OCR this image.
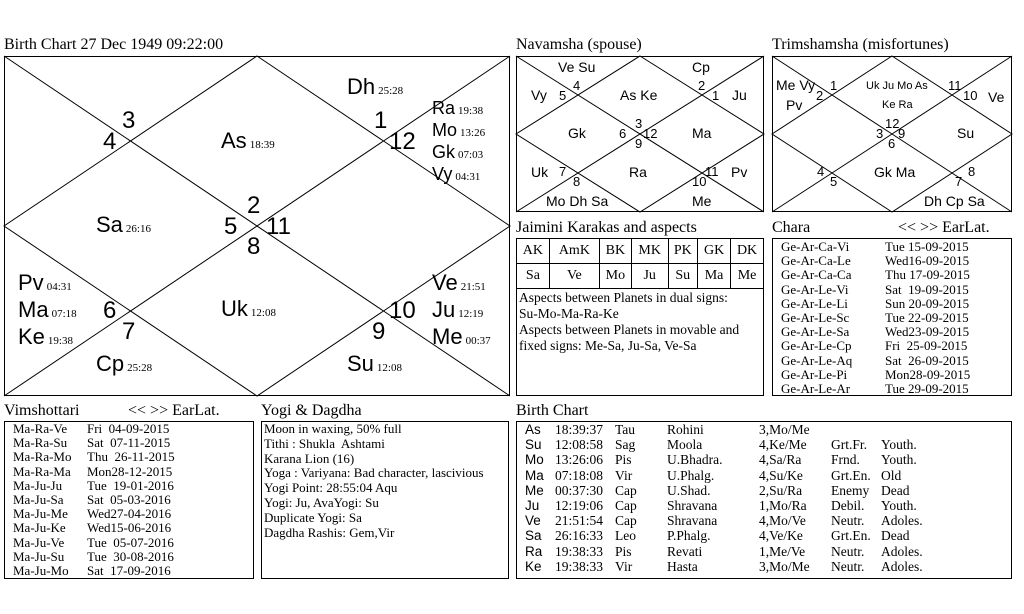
Birth Chart 27 Dec 1949 09:22:00
3
4
1
12
2
5 11
8
6
7
10
9
Dh 25:28
As 18:39
Ra 19:38
Mo 13:26
Gk 07:03
Vy 04:31
Sa 26:16
Pv 04:31
Ma 07:18
Ke 19:38
Uk 12:08
Cp 25:28
Ve 21:51
Ju 12:19
Me 00:37
Su 12:08
Navamsha (spouse)
Ve Su	Cp
Vy	As Ke	Ju
Gk	Ma
Ra
Uk	Pv
Mo Dh Sa	Me
5
4	2
1
3
6 12
9
7
8
11
10
Trimshamsha (misfortunes)
Me Vy
Pv	Ve
Su
Gk Ma
Dh Cp Sa
Uk Ju Mo As
Ke Ra
1
2
11
10
12
3 9
6
4
5
8
7
Jaimini Karakas and aspects
AK	AmK	BK	MK	PK	GK	DK
Sa	Ve	Mo	Ju	Su	Ma	Me
Aspects between Planets in dual signs:
Su-Mo-Ma-Ra-Ke
Aspects between Planets in movable and
fixed signs: Me-Sa, Ju-Sa, Ve-Sa
Chara	<< >> EarLat.
Ge-Ar-Ca-Vi	Tue 15-09-2015
Ge-Ar-Ca-Le	Wed16-09-2015
Ge-Ar-Ca-Ca	Thu 17-09-2015
Ge-Ar-Le-Vi	Sat  19-09-2015
Ge-Ar-Le-Li	Sun 20-09-2015
Ge-Ar-Le-Sc	Tue 22-09-2015
Ge-Ar-Le-Sa	Wed23-09-2015
Ge-Ar-Le-Cp	Fri  25-09-2015
Ge-Ar-Le-Aq	Sat  26-09-2015
Ge-Ar-Le-Pi	Mon28-09-2015
Ge-Ar-Le-Ar	Tue 29-09-2015
Vimshottari	<< >> EarLat.
Ma-Ra-Ve	Fri  04-09-2015
Ma-Ra-Su	Sat  07-11-2015
Ma-Ra-Mo	Thu  26-11-2015
Ma-Ra-Ma	Mon28-12-2015
Ma-Ju-Ju	Tue  19-01-2016
Ma-Ju-Sa	Sat  05-03-2016
Ma-Ju-Me	Wed27-04-2016
Ma-Ju-Ke	Wed15-06-2016
Ma-Ju-Ve	Tue  05-07-2016
Ma-Ju-Su	Tue  30-08-2016
Ma-Ju-Mo	Sat  17-09-2016
Yogi & Dagdha
Moon in waxing, 50% full
Tithi : Shukla  Ashtami
Karana Lion (16)
Yoga : Variyana: Bad character, lascivious
Yogi Point: 28:55:04 Aqu
Yogi: Ju, AvaYogi: Su
Duplicate Yogi: Sa
Dagdha Rashis: Gem,Vir
Birth Chart
As	18:39:37 Tau	Rohini	3,Mo/Me
Su 12:08:58 Sag	Moola	4,Ke/Me	Grt.Fr.	Youth.
Mo 13:26:06 Pis	U.Bhadra.	4,Sa/Ra	Frnd.	Youth.
Ma 07:18:08 Vir	U.Phalg.	4,Su/Ke	Grt.En. Old
Me 00:37:30 Cap	U.Shad.	2,Su/Ra	Enemy Dead
Ju	12:19:06 Cap	Shravana	1,Mo/Ra	Debil.	Youth.
Ve	21:51:54 Cap	Shravana	4,Mo/Ve	Neutr.	Adoles.
Sa 26:16:33 Leo	P.Phalg.	4,Ve/Ke	Grt.En. Dead
Ra 19:38:33 Pis	Revati	1,Me/Ve	Neutr.	Adoles.
Ke 19:38:33 Vir	Hasta	3,Mo/Me	Neutr.	Adoles.
